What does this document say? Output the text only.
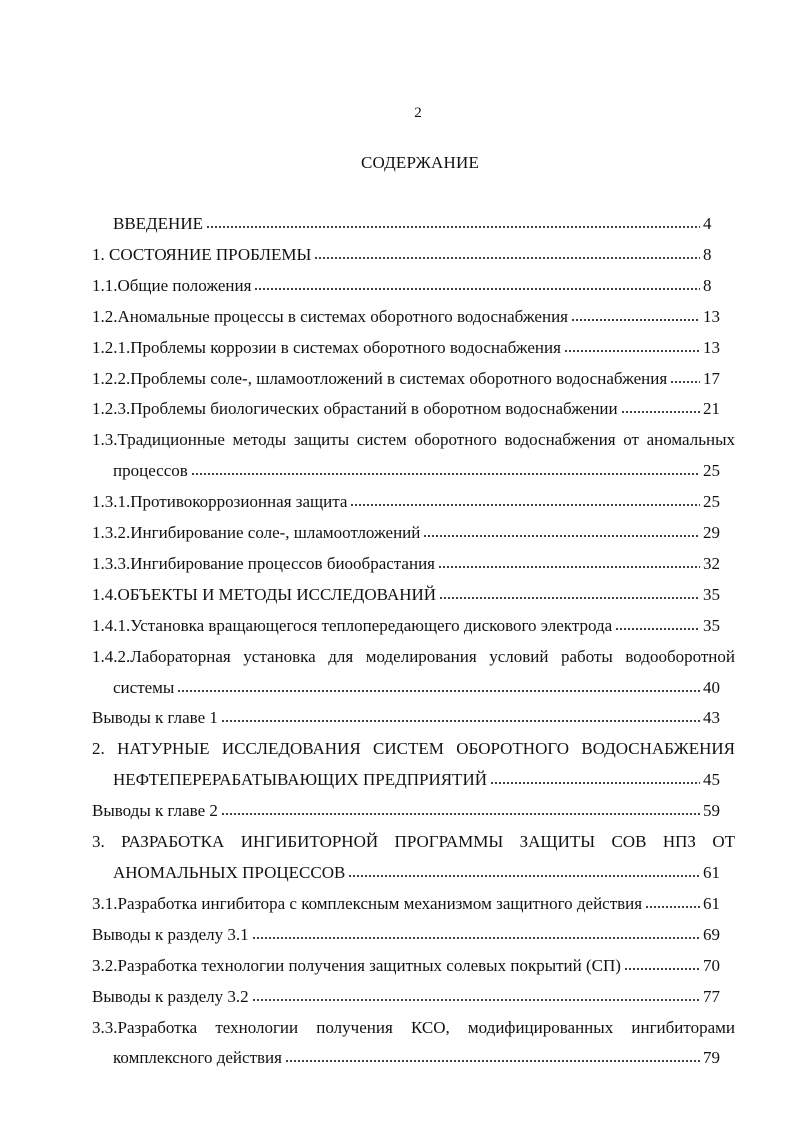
2
СОДЕРЖАНИЕ
ВВЕДЕНИЕ	4
1. СОСТОЯНИЕ ПРОБЛЕМЫ	8
1.1.Общие положения	8
1.2.Аномальные процессы в системах оборотного водоснабжения	13
1.2.1.Проблемы коррозии в системах оборотного водоснабжения	13
1.2.2.Проблемы соле-, шламоотложений в системах оборотного водоснабжения 17
1.2.3.Проблемы биологических обрастаний в оборотном водоснабжении	21
1.3.Традиционные методы защиты систем оборотного водоснабжения от аномальных
процессов	25
1.3.1.Противокоррозионная защита	25
1.3.2.Ингибирование соле-, шламоотложений	29
1.3.3.Ингибирование процессов биообрастания	32
1.4.ОБЪЕКТЫ И МЕТОДЫ ИССЛЕДОВАНИЙ	35
1.4.1.Установка вращающегося теплопередающего дискового электрода	35
1.4.2.Лабораторная установка для моделирования условий работы водооборотной
системы	40
Выводы к главе 1	43
2. НАТУРНЫЕ ИССЛЕДОВАНИЯ СИСТЕМ ОБОРОТНОГО ВОДОСНАБЖЕНИЯ
НЕФТЕПЕРЕРАБАТЫВАЮЩИХ ПРЕДПРИЯТИЙ	45
Выводы к главе 2	59
3. РАЗРАБОТКА ИНГИБИТОРНОЙ ПРОГРАММЫ ЗАЩИТЫ СОВ НПЗ ОТ
АНОМАЛЬНЫХ ПРОЦЕССОВ	61
3.1.Разработка ингибитора с комплексным механизмом защитного действия	61
Выводы к разделу 3.1	69
3.2.Разработка технологии получения защитных солевых покрытий (СП)	70
Выводы к разделу 3.2	77
3.3.Разработка технологии получения КСО, модифицированных ингибиторами
комплексного действия	79
